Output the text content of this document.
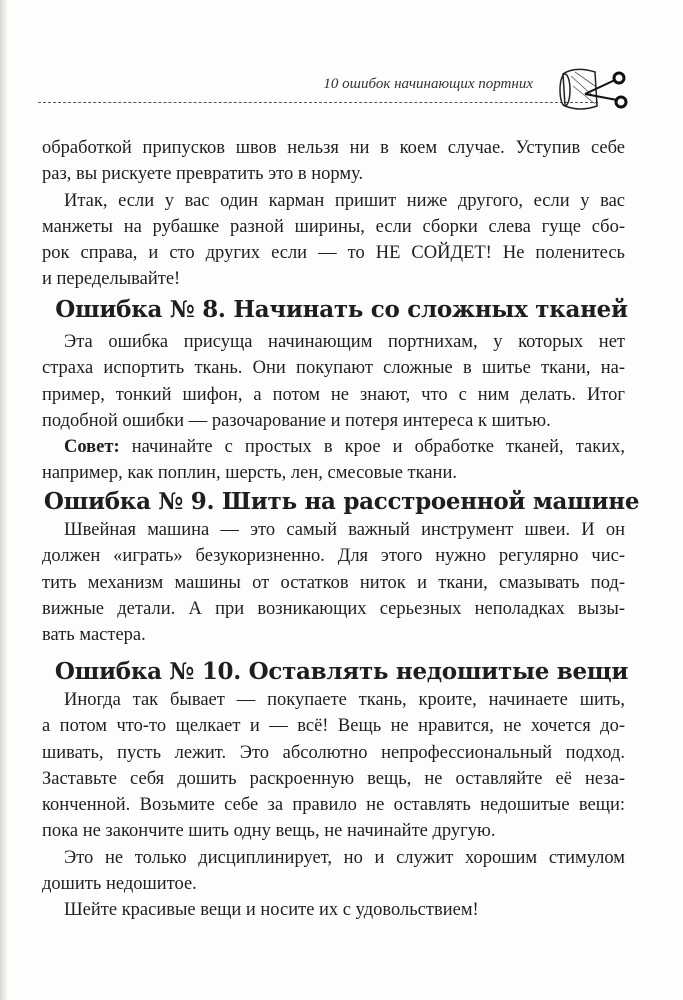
10 ошибок начинающих портних
обработкой припусков швов нельзя ни в коем случае. Уступив себе
раз, вы рискуете превратить это в норму.
Итак, если у вас один карман пришит ниже другого, если у вас
манжеты на рубашке разной ширины, если сборки слева гуще сбо-
рок справа, и сто других если — то НЕ СОЙДЕТ! Не поленитесь
и переделывайте!
Ошибка № 8. Начинать со сложных тканей
Эта ошибка присуща начинающим портнихам, у которых нет
страха испортить ткань. Они покупают сложные в шитье ткани, на-
пример, тонкий шифон, а потом не знают, что с ним делать. Итог
подобной ошибки — разочарование и потеря интереса к шитью.
Совет: начинайте с простых в крое и обработке тканей, таких,
например, как поплин, шерсть, лен, смесовые ткани.
Ошибка № 9. Шить на расстроенной машине
Швейная машина — это самый важный инструмент швеи. И он
должен «играть» безукоризненно. Для этого нужно регулярно чис-
тить механизм машины от остатков ниток и ткани, смазывать под-
вижные детали. А при возникающих серьезных неполадках вызы-
вать мастера.
Ошибка № 10. Оставлять недошитые вещи
Иногда так бывает — покупаете ткань, кроите, начинаете шить,
а потом что-то щелкает и — всё! Вещь не нравится, не хочется до-
шивать, пусть лежит. Это абсолютно непрофессиональный подход.
Заставьте себя дошить раскроенную вещь, не оставляйте её неза-
конченной. Возьмите себе за правило не оставлять недошитые вещи:
пока не закончите шить одну вещь, не начинайте другую.
Это не только дисциплинирует, но и служит хорошим стимулом
дошить недошитое.
Шейте красивые вещи и носите их с удовольствием!
